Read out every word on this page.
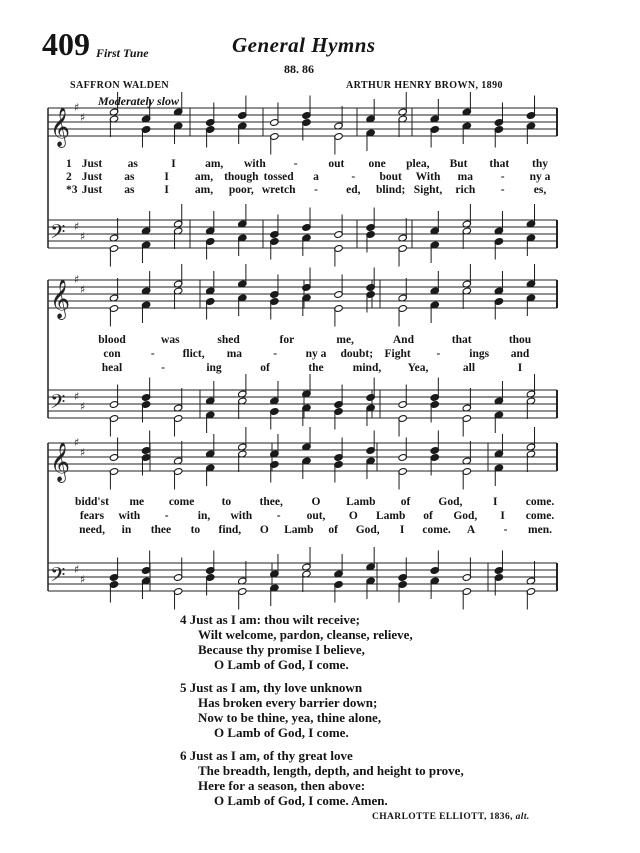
409 First Tune	General Hymns
88. 86
SAFFRON WALDEN	ARTHUR HENRY BROWN, 1890
Moderately slow
𝄞 ♯
♯
𝄢 ♯
♯
𝄞 ♯
♯
𝄢 ♯
♯
𝄞 ♯
♯
𝄢 ♯
♯
1
2
*3
Just as	I	am, with -	out one plea, But that thy
Just as	I am, though tossed a	- bout With ma - ny a
Just as	I am, poor, wretch - ed, blind; Sight, rich -	es,
blood	was	shed	for	me,	And	that	thou
con	- flict, ma	- ny a doubt; Fight -	ings and
heal	-	ing	of	the	mind, Yea,	all	I
bidd'st me come to thee, O Lamb of God,	I come.
fears with -	in, with - out, O Lamb of God, I come.
need, in thee to find, O Lamb of God, I come. A - men.
4 Just as I am: thou wilt receive;
Wilt welcome, pardon, cleanse, relieve,
Because thy promise I believe,
O Lamb of God, I come.
5 Just as I am, thy love unknown
Has broken every barrier down;
Now to be thine, yea, thine alone,
O Lamb of God, I come.
6 Just as I am, of thy great love
The breadth, length, depth, and height to prove,
Here for a season, then above:
O Lamb of God, I come. Amen.
CHARLOTTE ELLIOTT, 1836, alt.
